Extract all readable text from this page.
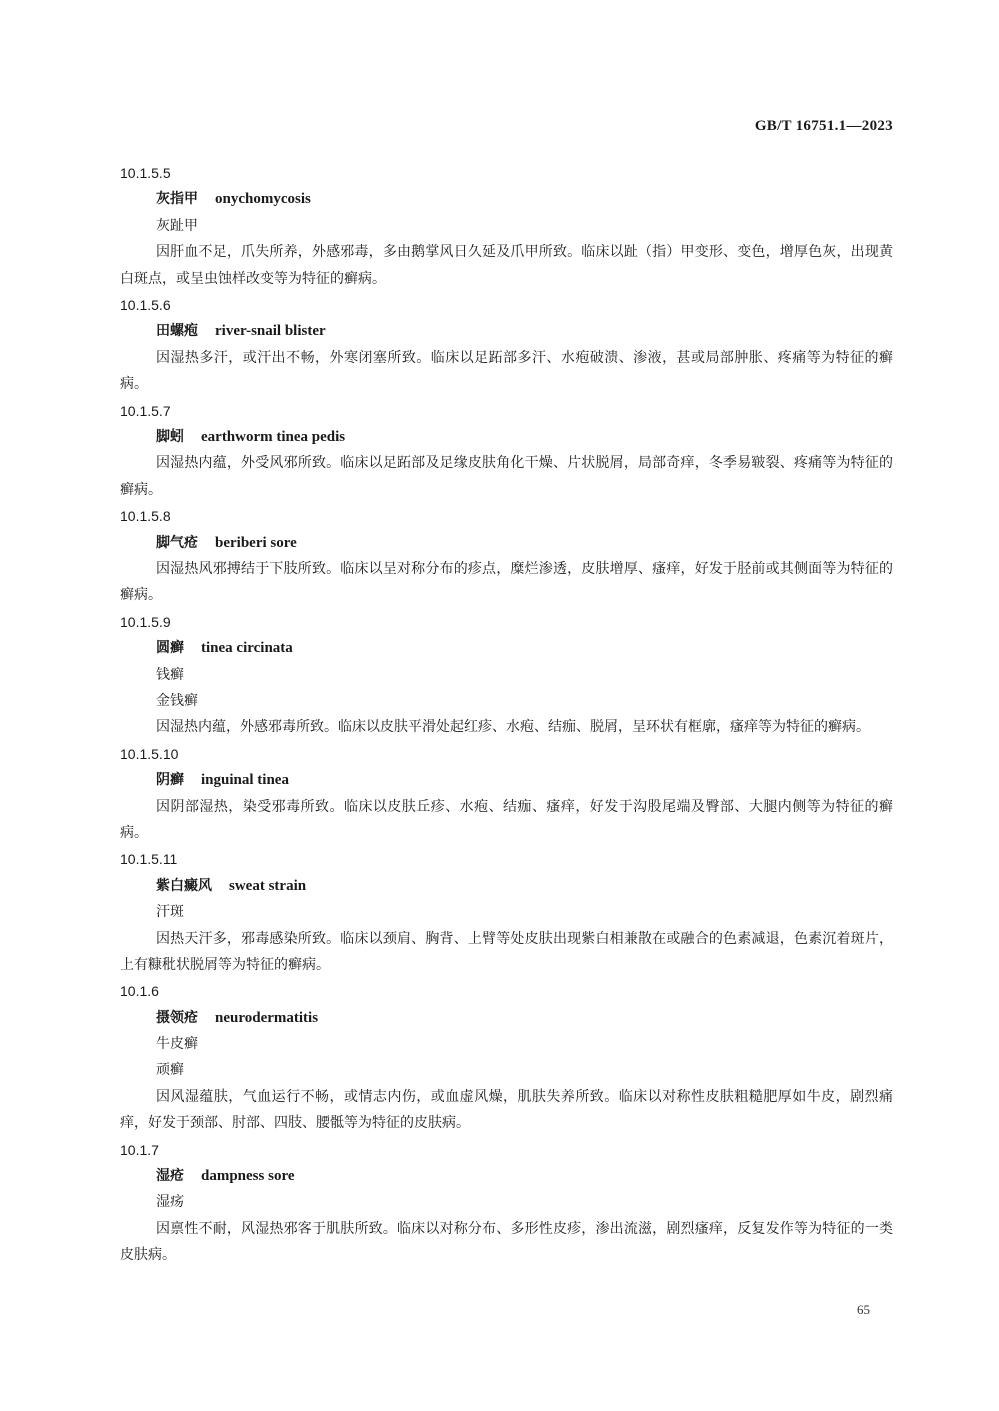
GB/T 16751.1—2023
10.1.5.5
灰指甲 onychomycosis
灰趾甲

因肝血不足，爪失所养，外感邪毒，多由鹅掌风日久延及爪甲所致。临床以趾（指）甲变形、变色，增厚色灰，出现黄白斑点，或呈虫蚀样改变等为特征的癣病。

10.1.5.6
田螺疱 river-snail blister

因湿热多汗，或汗出不畅，外寒闭塞所致。临床以足跖部多汗、水疱破溃、渗液，甚或局部肿胀、疼痛等为特征的癣病。

10.1.5.7
脚蚓 earthworm tinea pedis

因湿热内蕴，外受风邪所致。临床以足跖部及足缘皮肤角化干燥、片状脱屑，局部奇痒，冬季易皲裂、疼痛等为特征的癣病。

10.1.5.8
脚气疮 beriberi sore

因湿热风邪搏结于下肢所致。临床以呈对称分布的疹点，糜烂渗透，皮肤增厚、瘙痒，好发于胫前或其侧面等为特征的癣病。

10.1.5.9
圆癣 tinea circinata
钱癣
金钱癣

因湿热内蕴，外感邪毒所致。临床以皮肤平滑处起红疹、水疱、结痂、脱屑，呈环状有框廓，瘙痒等为特征的癣病。

10.1.5.10
阴癣 inguinal tinea

因阴部湿热，染受邪毒所致。临床以皮肤丘疹、水疱、结痂、瘙痒，好发于沟股尾端及臀部、大腿内侧等为特征的癣病。

10.1.5.11
紫白癜风 sweat strain
汗斑

因热天汗多，邪毒感染所致。临床以颈肩、胸背、上臂等处皮肤出现紫白相兼散在或融合的色素减退，色素沉着斑片，上有糠秕状脱屑等为特征的癣病。

10.1.6
摄领疮 neurodermatitis
牛皮癣
顽癣

因风湿蕴肤，气血运行不畅，或情志内伤，或血虚风燥，肌肤失养所致。临床以对称性皮肤粗糙肥厚如牛皮，剧烈痛痒，好发于颈部、肘部、四肢、腰骶等为特征的皮肤病。

10.1.7
湿疮 dampness sore
湿疡

因禀性不耐，风湿热邪客于肌肤所致。临床以对称分布、多形性皮疹，渗出流滋，剧烈瘙痒，反复发作等为特征的一类皮肤病。

65
